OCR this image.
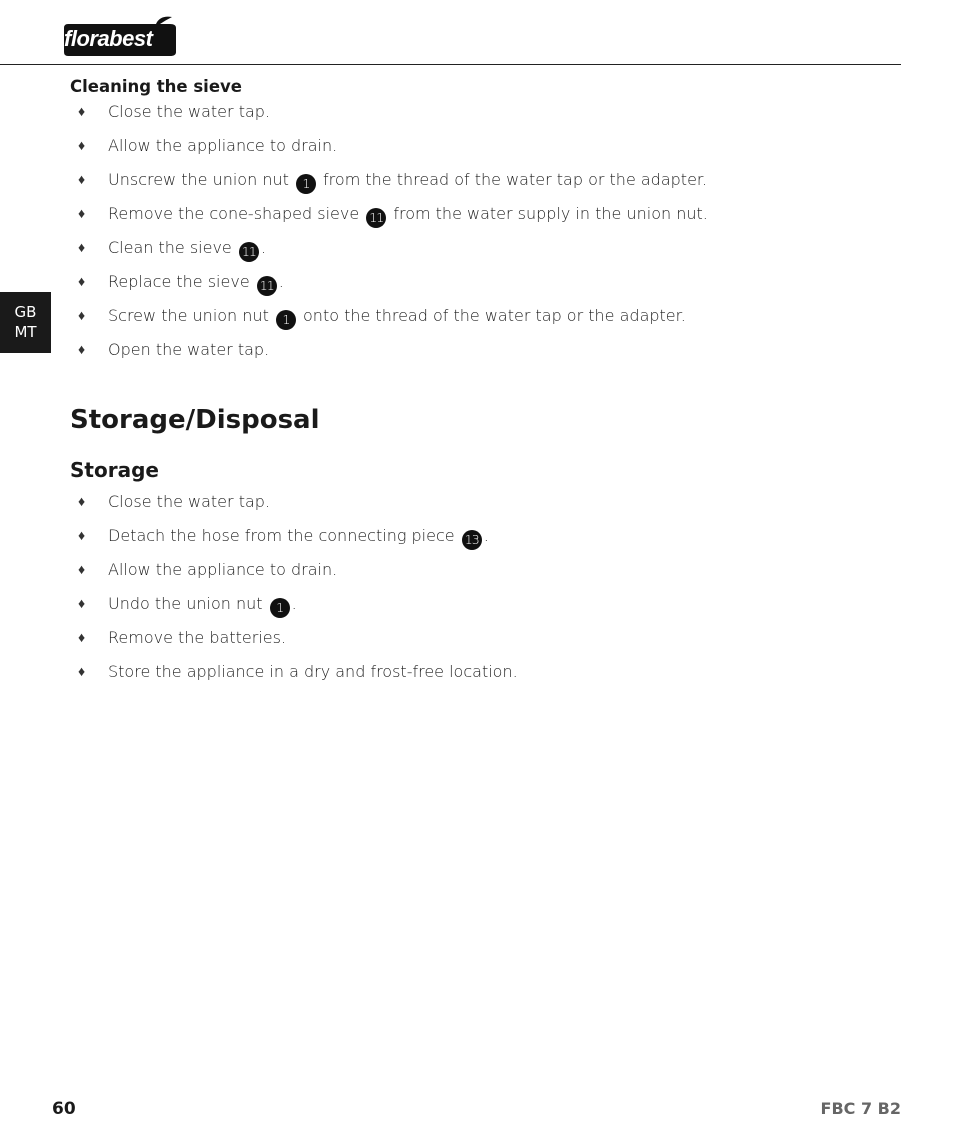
florabest
GB
MT
Cleaning the sieve
♦ Close the water tap.
♦ Allow the appliance to drain.
♦ Unscrew the union nut 1 from the thread of the water tap or the adapter.
♦ Remove the cone-shaped sieve 11 from the water supply in the union nut.
♦ Clean the sieve 11 .
♦ Replace the sieve 11 .
♦ Screw the union nut 1 onto the thread of the water tap or the adapter.
♦ Open the water tap.
Storage/Disposal
Storage
♦ Close the water tap.
♦ Detach the hose from the connecting piece 13 .
♦ Allow the appliance to drain.
♦ Undo the union nut 1 .
♦ Remove the batteries.
♦ Store the appliance in a dry and frost-free location.
60	FBC 7 B2
